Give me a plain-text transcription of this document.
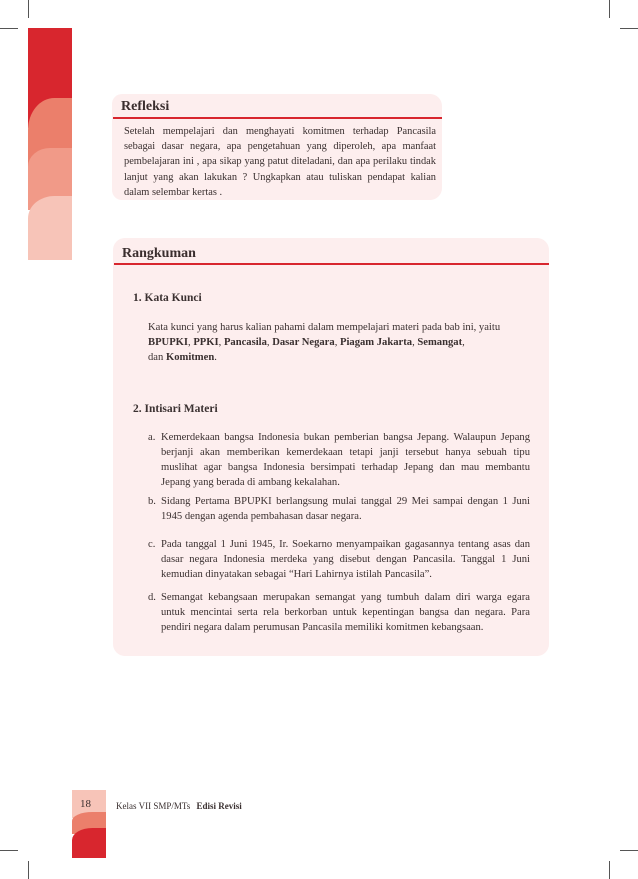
Refleksi
Setelah mempelajari dan menghayati komitmen terhadap Pancasila sebagai dasar negara, apa pengetahuan yang diperoleh, apa manfaat pembelajaran ini , apa sikap yang patut diteladani, dan apa perilaku tindak lanjut yang akan lakukan ? Ungkapkan atau tuliskan pendapat kalian dalam selembar kertas .
Rangkuman
1. Kata Kunci
Kata kunci yang harus kalian pahami dalam mempelajari materi pada bab ini, yaitu
BPUPKI, PPKI, Pancasila, Dasar Negara, Piagam Jakarta, Semangat,
dan Komitmen.
2. Intisari Materi
a. Kemerdekaan bangsa Indonesia bukan pemberian bangsa Jepang. Walaupun Jepang berjanji akan memberikan kemerdekaan tetapi janji tersebut hanya sebuah tipu muslihat agar bangsa Indonesia bersimpati terhadap Jepang dan mau membantu Jepang yang berada di ambang kekalahan.
b. Sidang Pertama BPUPKI berlangsung mulai tanggal 29 Mei sampai dengan 1 Juni 1945 dengan agenda pembahasan dasar negara.
c. Pada tanggal 1 Juni 1945, Ir. Soekarno menyampaikan gagasannya tentang asas dan dasar negara Indonesia merdeka yang disebut dengan Pancasila. Tanggal 1 Juni kemudian dinyatakan sebagai “Hari Lahirnya istilah Pancasila”.
d. Semangat kebangsaan merupakan semangat yang tumbuh dalam diri warga egara untuk mencintai serta rela berkorban untuk kepentingan bangsa dan negara. Para pendiri negara dalam perumusan Pancasila memiliki komitmen kebangsaan.
18	Kelas VII SMP/MTs Edisi Revisi
